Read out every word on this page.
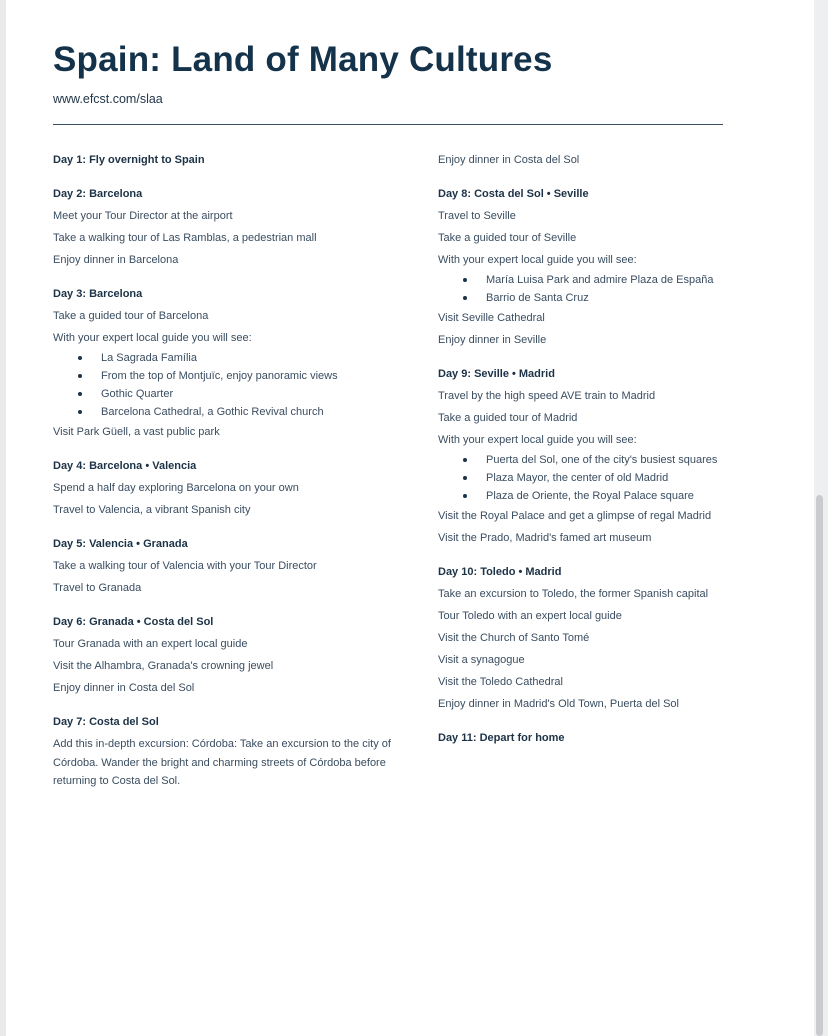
Spain: Land of Many Cultures
www.efcst.com/slaa
Day 1: Fly overnight to Spain
Day 2: Barcelona
Meet your Tour Director at the airport
Take a walking tour of Las Ramblas, a pedestrian mall
Enjoy dinner in Barcelona
Day 3: Barcelona
Take a guided tour of Barcelona
With your expert local guide you will see:
La Sagrada Família
From the top of Montjuïc, enjoy panoramic views
Gothic Quarter
Barcelona Cathedral, a Gothic Revival church
Visit Park Güell, a vast public park
Day 4: Barcelona • Valencia
Spend a half day exploring Barcelona on your own
Travel to Valencia, a vibrant Spanish city
Day 5: Valencia • Granada
Take a walking tour of Valencia with your Tour Director
Travel to Granada
Day 6: Granada • Costa del Sol
Tour Granada with an expert local guide
Visit the Alhambra, Granada's crowning jewel
Enjoy dinner in Costa del Sol
Day 7: Costa del Sol
Add this in-depth excursion: Córdoba: Take an excursion to the city of Córdoba. Wander the bright and charming streets of Córdoba before returning to Costa del Sol.
Enjoy dinner in Costa del Sol
Day 8: Costa del Sol • Seville
Travel to Seville
Take a guided tour of Seville
With your expert local guide you will see:
María Luisa Park and admire Plaza de España
Barrio de Santa Cruz
Visit Seville Cathedral
Enjoy dinner in Seville
Day 9: Seville • Madrid
Travel by the high speed AVE train to Madrid
Take a guided tour of Madrid
With your expert local guide you will see:
Puerta del Sol, one of the city's busiest squares
Plaza Mayor, the center of old Madrid
Plaza de Oriente, the Royal Palace square
Visit the Royal Palace and get a glimpse of regal Madrid
Visit the Prado, Madrid's famed art museum
Day 10: Toledo • Madrid
Take an excursion to Toledo, the former Spanish capital
Tour Toledo with an expert local guide
Visit the Church of Santo Tomé
Visit a synagogue
Visit the Toledo Cathedral
Enjoy dinner in Madrid's Old Town, Puerta del Sol
Day 11: Depart for home
